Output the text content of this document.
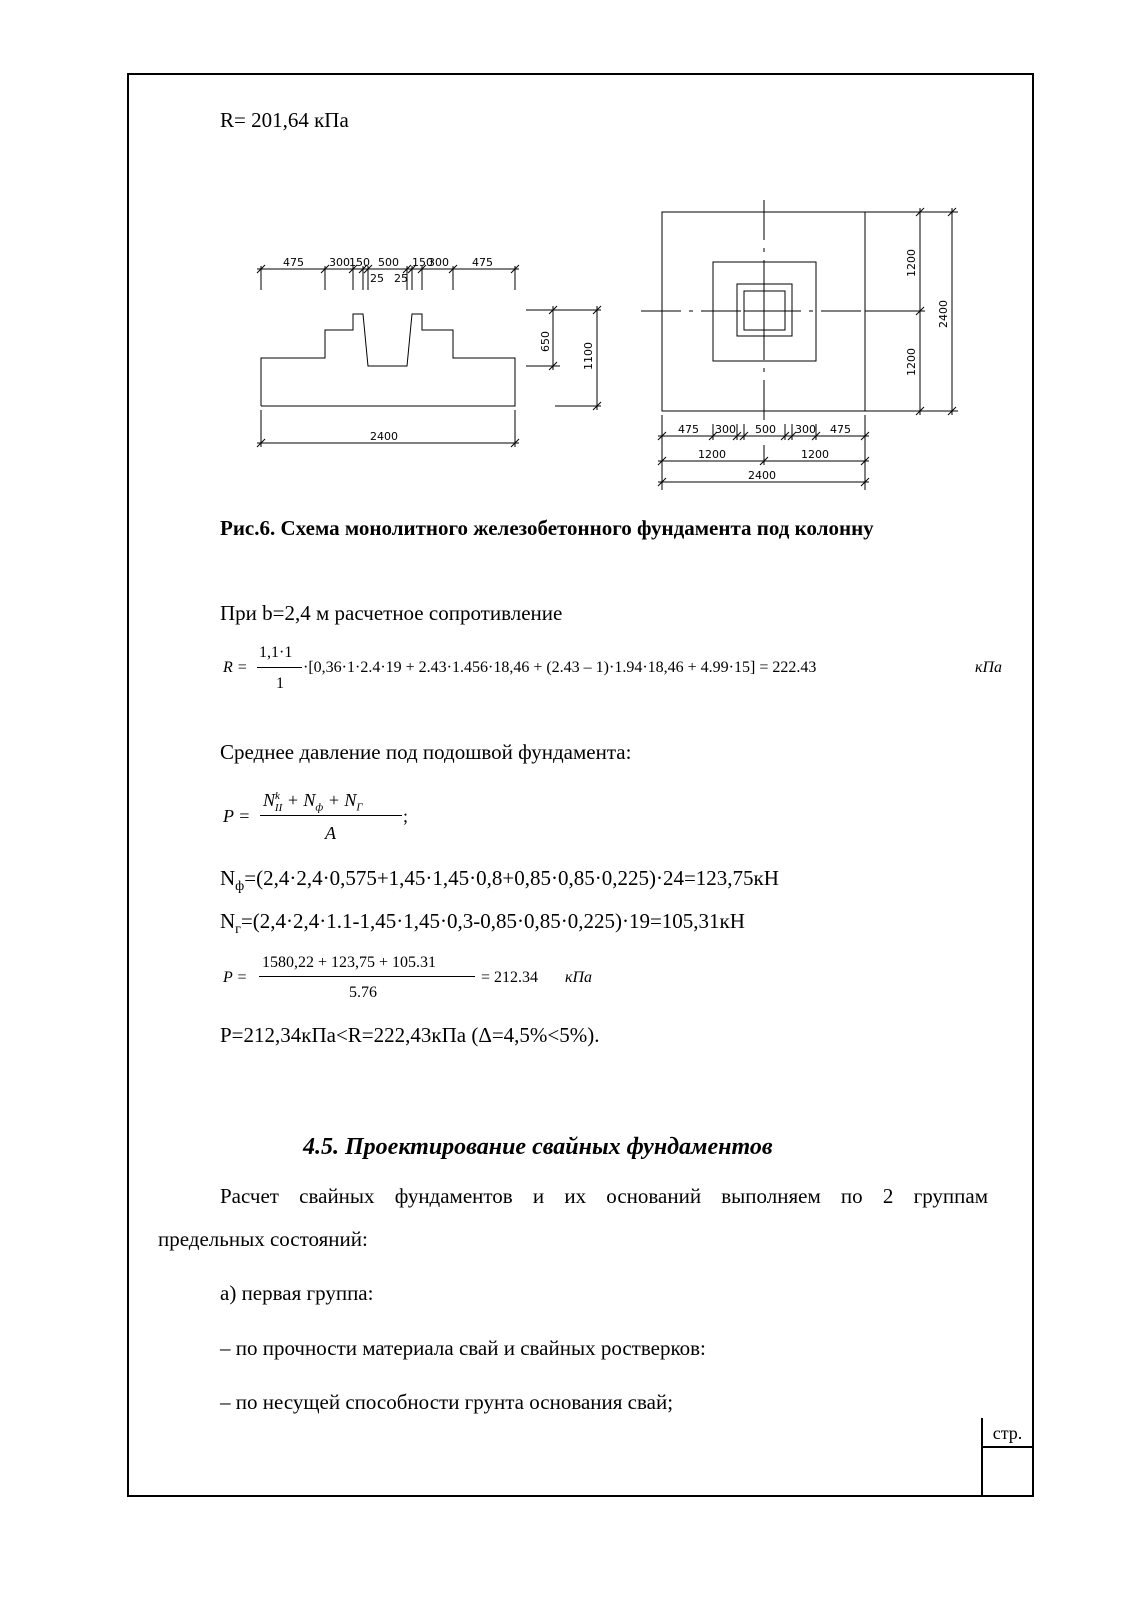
R= 201,64 кПа
475 300 150 500 150
300 475
25 25
650
1100
2400
1200
1200
2400
475 300 500 300 475
1200	1200
2400
Рис.6. Схема монолитного железобетонного фундамента под колонну
При b=2,4 м расчетное сопротивление
R =
1,1·1
1
·[0,36·1·2.4·19 + 2.43·1.456·18,46 + (2.43 – 1)·1.94·18,46 + 4.99·15] = 222.43	кПа
Среднее давление под подошвой фундамента:
P =
$N^k_{II} + N_ф + N_Г$
A
;
$N_ф=(2,4\cdot 2,4\cdot 0,575+1,45\cdot 1,45\cdot 0,8+0,85\cdot 0,85\cdot 0,225)\cdot 24=123,75кН$
$N_г=(2,4\cdot 2,4\cdot 1.1-1,45\cdot 1,45\cdot 0,3-0,85\cdot 0,85\cdot 0,225)\cdot 19=105,31кН$
P =
1580,22 + 123,75 + 105.31
5.76
= 212.34 кПа
P=212,34кПа<R=222,43кПа (Δ=4,5%<5%).
4.5. Проектирование свайных фундаментов
Расчет свайных фундаментов и их оснований выполняем по 2 группам
предельных состояний:
а) первая группа:
– по прочности материала свай и свайных ростверков:
– по несущей способности грунта основания свай;
стр.
